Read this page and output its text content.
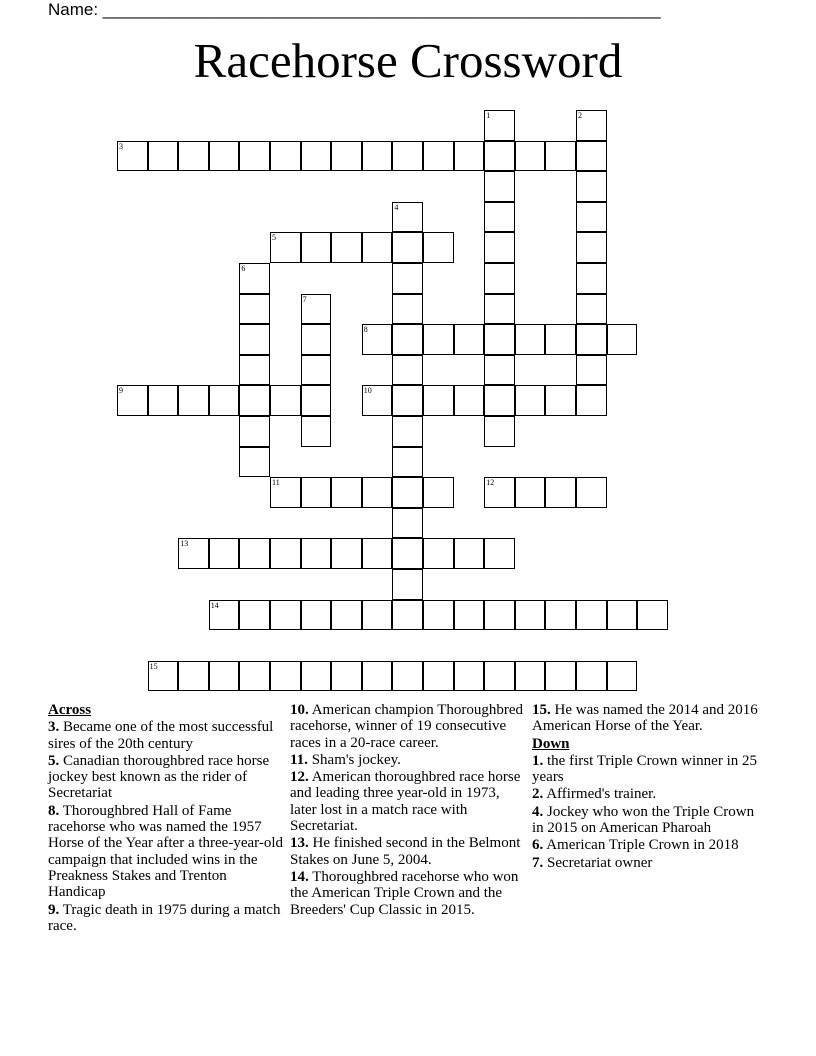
Name: ___________________________________________________________
Racehorse Crossword
1	2
3
4
5
6
7
8
9	10
11	12
13
14
15
Across
3. Became one of the most successful sires of the 20th century
5. Canadian thoroughbred race horse jockey best known as the rider of Secretariat
8. Thoroughbred Hall of Fame racehorse who was named the 1957 Horse of the Year after a three-year-old campaign that included wins in the Preakness Stakes and Trenton Handicap
9. Tragic death in 1975 during a match race.
10. American champion Thoroughbred racehorse, winner of 19 consecutive races in a 20-race career.
11. Sham's jockey.
12. American thoroughbred race horse and leading three year-old in 1973, later lost in a match race with Secretariat.
13. He finished second in the Belmont Stakes on June 5, 2004.
14. Thoroughbred racehorse who won the American Triple Crown and the Breeders' Cup Classic in 2015.
15. He was named the 2014 and 2016 American Horse of the Year.
Down
1. the first Triple Crown winner in 25 years
2. Affirmed's trainer.
4. Jockey who won the Triple Crown in 2015 on American Pharoah
6. American Triple Crown in 2018
7. Secretariat owner
